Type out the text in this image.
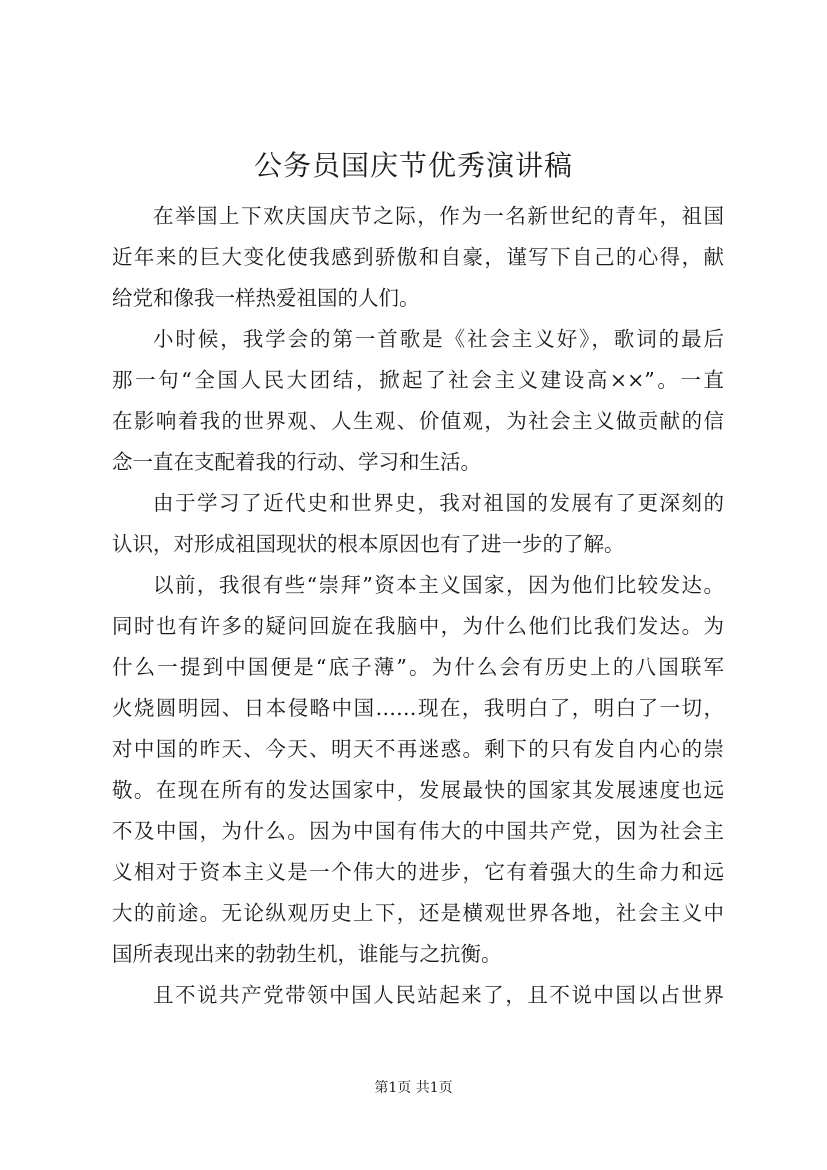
公务员国庆节优秀演讲稿
在举国上下欢庆国庆节之际，作为一名新世纪的青年，祖国
近年来的巨大变化使我感到骄傲和自豪，谨写下自己的心得，献
给党和像我一样热爱祖国的人们。
小时候，我学会的第一首歌是《社会主义好》，歌词的最后
那一句“全国人民大团结，掀起了社会主义建设高××”。一直
在影响着我的世界观、人生观、价值观，为社会主义做贡献的信
念一直在支配着我的行动、学习和生活。
由于学习了近代史和世界史，我对祖国的发展有了更深刻的
认识，对形成祖国现状的根本原因也有了进一步的了解。
以前，我很有些“崇拜”资本主义国家，因为他们比较发达。
同时也有许多的疑问回旋在我脑中，为什么他们比我们发达。为
什么一提到中国便是“底子薄”。为什么会有历史上的八国联军
火烧圆明园、日本侵略中国……现在，我明白了，明白了一切，
对中国的昨天、今天、明天不再迷惑。剩下的只有发自内心的崇
敬。在现在所有的发达国家中，发展最快的国家其发展速度也远
不及中国，为什么。因为中国有伟大的中国共产党，因为社会主
义相对于资本主义是一个伟大的进步，它有着强大的生命力和远
大的前途。无论纵观历史上下，还是横观世界各地，社会主义中
国所表现出来的勃勃生机，谁能与之抗衡。
且不说共产党带领中国人民站起来了，且不说中国以占世界
第1页 共1页
